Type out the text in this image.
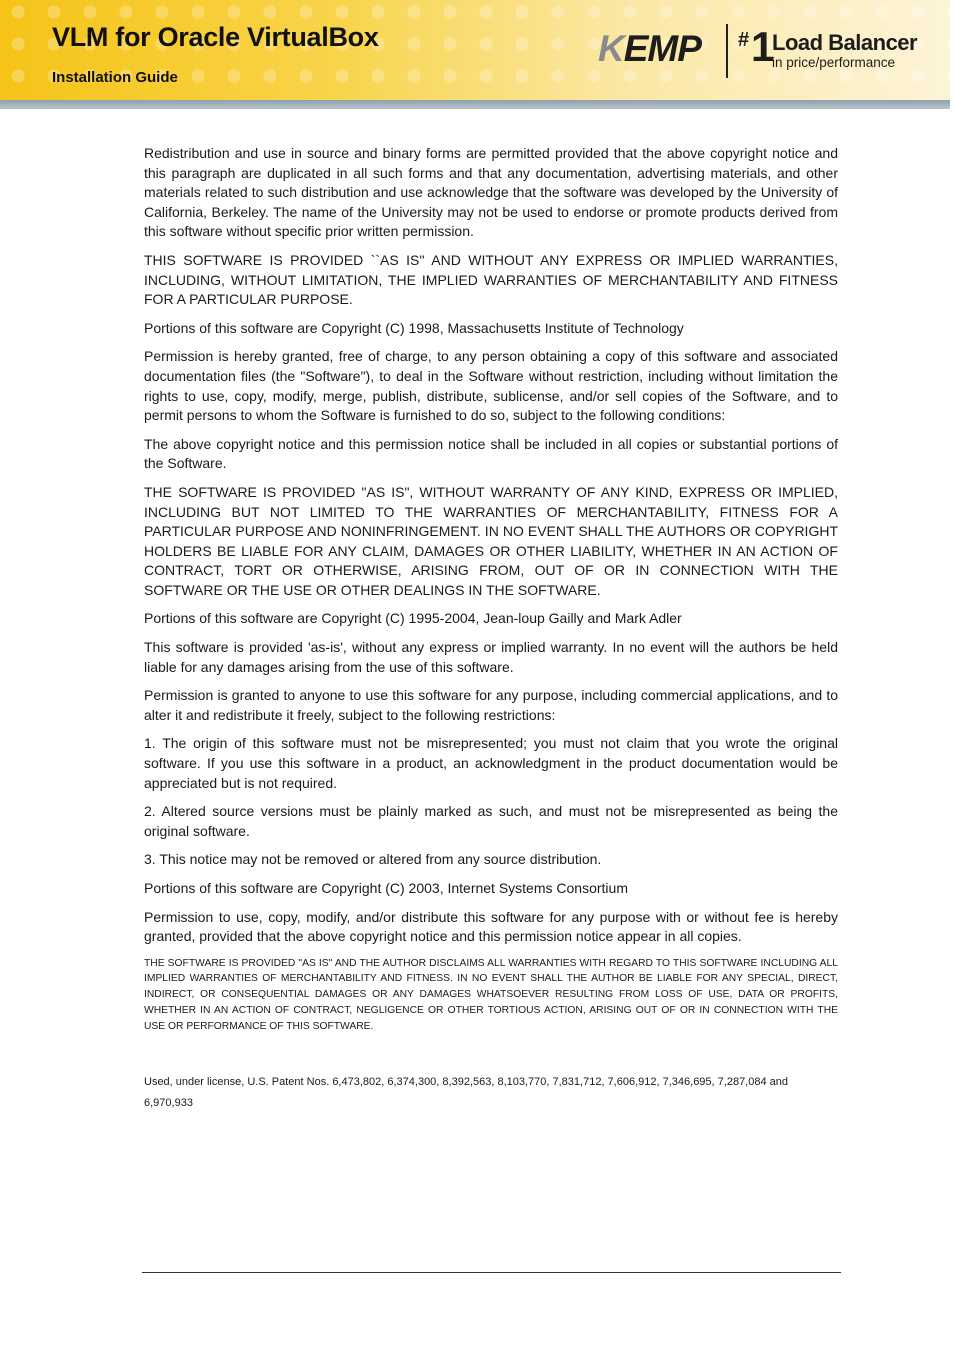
VLM for Oracle VirtualBox
Installation Guide
KEMP # 1
Load Balancer
in price/performance

Redistribution and use in source and binary forms are permitted provided that the above copyright notice and this paragraph are duplicated in all such forms and that any documentation, advertising materials, and other materials related to such distribution and use acknowledge that the software was developed by the University of California, Berkeley. The name of the University may not be used to endorse or promote products derived from this software without specific prior written permission.

THIS SOFTWARE IS PROVIDED ``AS IS'' AND WITHOUT ANY EXPRESS OR IMPLIED WARRANTIES, INCLUDING, WITHOUT LIMITATION, THE IMPLIED WARRANTIES OF MERCHANTABILITY AND FITNESS FOR A PARTICULAR PURPOSE.

Portions of this software are Copyright (C) 1998, Massachusetts Institute of Technology

Permission is hereby granted, free of charge, to any person obtaining a copy of this software and associated documentation files (the "Software"), to deal in the Software without restriction, including without limitation the rights to use, copy, modify, merge, publish, distribute, sublicense, and/or sell copies of the Software, and to permit persons to whom the Software is furnished to do so, subject to the following conditions:

The above copyright notice and this permission notice shall be included in all copies or substantial portions of the Software.

THE SOFTWARE IS PROVIDED "AS IS", WITHOUT WARRANTY OF ANY KIND, EXPRESS OR IMPLIED, INCLUDING BUT NOT LIMITED TO THE WARRANTIES OF MERCHANTABILITY, FITNESS FOR A PARTICULAR PURPOSE AND NONINFRINGEMENT. IN NO EVENT SHALL THE AUTHORS OR COPYRIGHT HOLDERS BE LIABLE FOR ANY CLAIM, DAMAGES OR OTHER LIABILITY, WHETHER IN AN ACTION OF CONTRACT, TORT OR OTHERWISE, ARISING FROM, OUT OF OR IN CONNECTION WITH THE SOFTWARE OR THE USE OR OTHER DEALINGS IN THE SOFTWARE.

Portions of this software are Copyright (C) 1995-2004, Jean-loup Gailly and Mark Adler

This software is provided 'as-is', without any express or implied warranty. In no event will the authors be held liable for any damages arising from the use of this software.

Permission is granted to anyone to use this software for any purpose, including commercial applications, and to alter it and redistribute it freely, subject to the following restrictions:

1. The origin of this software must not be misrepresented; you must not claim that you wrote the original software. If you use this software in a product, an acknowledgment in the product documentation would be appreciated but is not required.

2. Altered source versions must be plainly marked as such, and must not be misrepresented as being the original software.

3. This notice may not be removed or altered from any source distribution.

Portions of this software are Copyright (C) 2003, Internet Systems Consortium

Permission to use, copy, modify, and/or distribute this software for any purpose with or without fee is hereby granted, provided that the above copyright notice and this permission notice appear in all copies.

THE SOFTWARE IS PROVIDED "AS IS" AND THE AUTHOR DISCLAIMS ALL WARRANTIES WITH REGARD TO THIS SOFTWARE INCLUDING ALL IMPLIED WARRANTIES OF MERCHANTABILITY AND FITNESS. IN NO EVENT SHALL THE AUTHOR BE LIABLE FOR ANY SPECIAL, DIRECT, INDIRECT, OR CONSEQUENTIAL DAMAGES OR ANY DAMAGES WHATSOEVER RESULTING FROM LOSS OF USE, DATA OR PROFITS, WHETHER IN AN ACTION OF CONTRACT, NEGLIGENCE OR OTHER TORTIOUS ACTION, ARISING OUT OF OR IN CONNECTION WITH THE USE OR PERFORMANCE OF THIS SOFTWARE.

Used, under license, U.S. Patent Nos. 6,473,802, 6,374,300, 8,392,563, 8,103,770, 7,831,712, 7,606,912, 7,346,695, 7,287,084 and 6,970,933
